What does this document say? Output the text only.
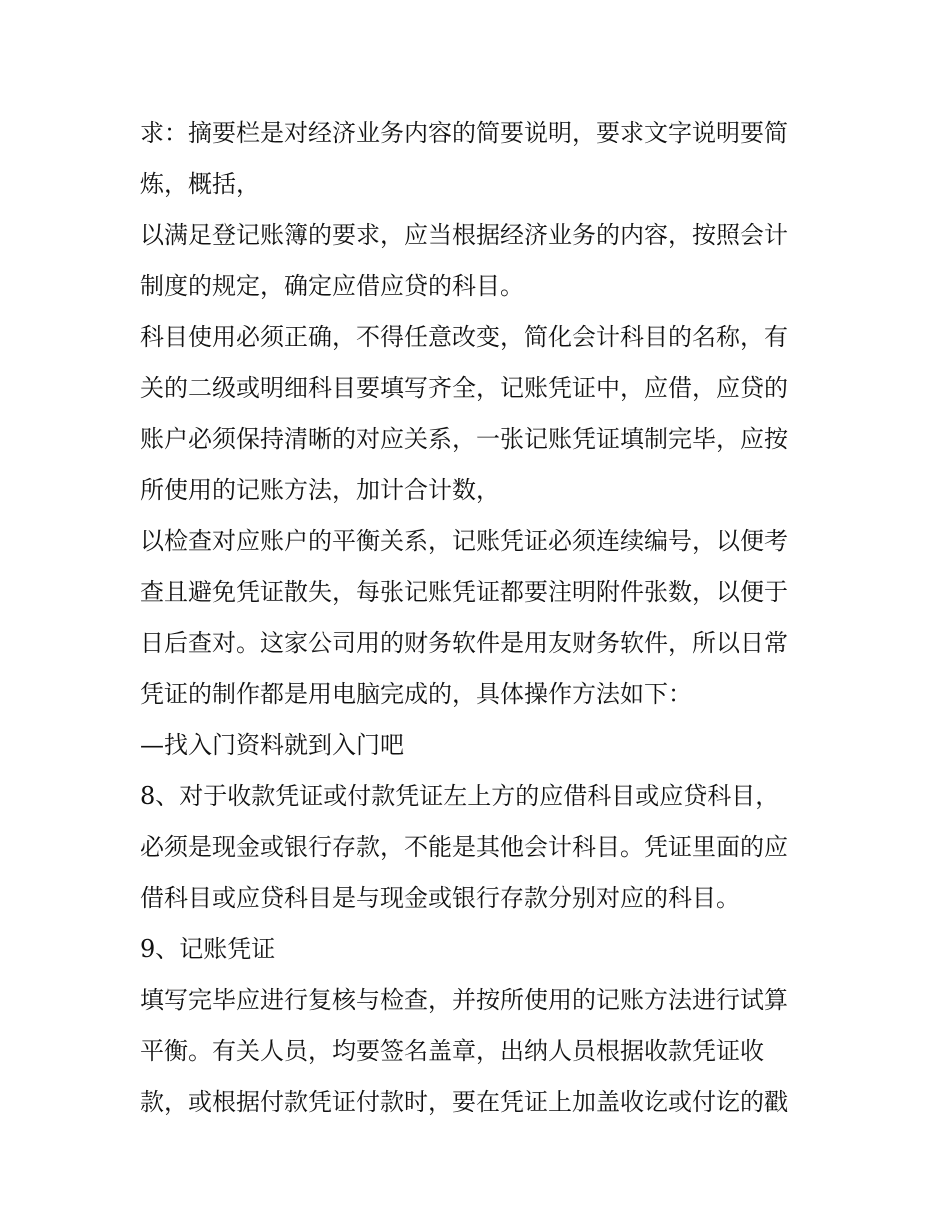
求：摘要栏是对经济业务内容的简要说明，要求文字说明要简
炼，概括，
以满足登记账簿的要求，应当根据经济业务的内容，按照会计
制度的规定，确定应借应贷的科目。
科目使用必须正确，不得任意改变，简化会计科目的名称，有
关的二级或明细科目要填写齐全，记账凭证中，应借，应贷的
账户必须保持清晰的对应关系，一张记账凭证填制完毕，应按
所使用的记账方法，加计合计数，
以检查对应账户的平衡关系，记账凭证必须连续编号，以便考
查且避免凭证散失，每张记账凭证都要注明附件张数，以便于
日后查对。这家公司用的财务软件是用友财务软件，所以日常
凭证的制作都是用电脑完成的，具体操作方法如下：
—找入门资料就到入门吧
8、对于收款凭证或付款凭证左上方的应借科目或应贷科目，
必须是现金或银行存款，不能是其他会计科目。凭证里面的应
借科目或应贷科目是与现金或银行存款分别对应的科目。
9、记账凭证
填写完毕应进行复核与检查，并按所使用的记账方法进行试算
平衡。有关人员，均要签名盖章，出纳人员根据收款凭证收
款，或根据付款凭证付款时，要在凭证上加盖收讫或付讫的戳
